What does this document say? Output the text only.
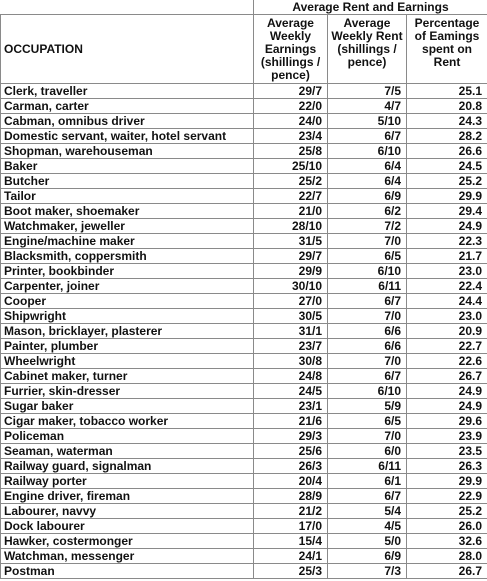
	Average Rent and Earnings		
OCCUPATION	Average Weekly Earnings (shillings / pence)	Average Weekly Rent (shillings / pence)	Percentage of Eamings spent on Rent
Clerk, traveller	29/7	7/5	25.1
Carman, carter	22/0	4/7	20.8
Cabman, omnibus driver	24/0	5/10	24.3
Domestic servant, waiter, hotel servant	23/4	6/7	28.2
Shopman, warehouseman	25/8	6/10	26.6
Baker	25/10	6/4	24.5
Butcher	25/2	6/4	25.2
Tailor	22/7	6/9	29.9
Boot maker, shoemaker	21/0	6/2	29.4
Watchmaker, jeweller	28/10	7/2	24.9
Engine/machine maker	31/5	7/0	22.3
Blacksmith, coppersmith	29/7	6/5	21.7
Printer, bookbinder	29/9	6/10	23.0
Carpenter, joiner	30/10	6/11	22.4
Cooper	27/0	6/7	24.4
Shipwright	30/5	7/0	23.0
Mason, bricklayer, plasterer	31/1	6/6	20.9
Painter, plumber	23/7	6/6	22.7
Wheelwright	30/8	7/0	22.6
Cabinet maker, turner	24/8	6/7	26.7
Furrier, skin-dresser	24/5	6/10	24.9
Sugar baker	23/1	5/9	24.9
Cigar maker, tobacco worker	21/6	6/5	29.6
Policeman	29/3	7/0	23.9
Seaman, waterman	25/6	6/0	23.5
Railway guard, signalman	26/3	6/11	26.3
Railway porter	20/4	6/1	29.9
Engine driver, fireman	28/9	6/7	22.9
Labourer, navvy	21/2	5/4	25.2
Dock labourer	17/0	4/5	26.0
Hawker, costermonger	15/4	5/0	32.6
Watchman, messenger	24/1	6/9	28.0
Postman	25/3	7/3	26.7
